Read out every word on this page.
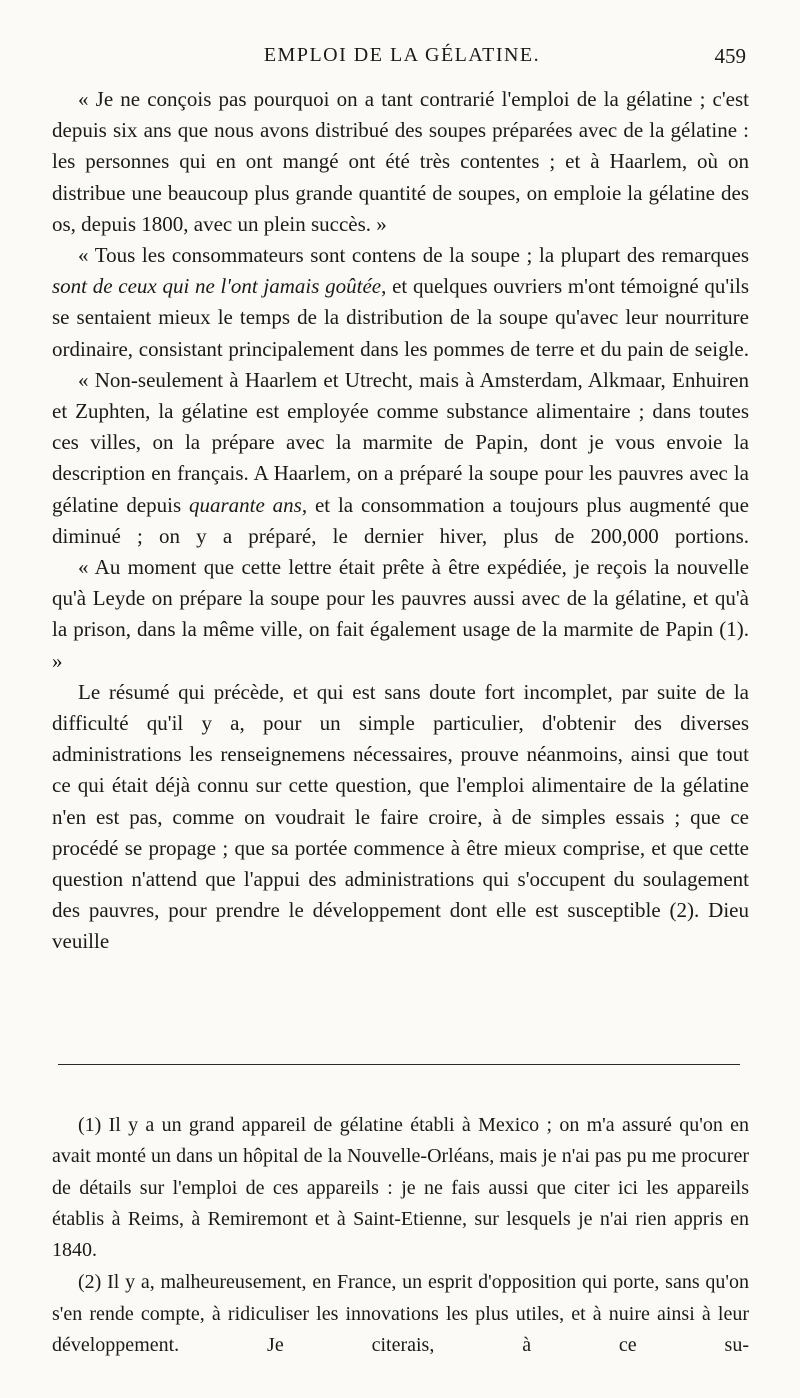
EMPLOI DE LA GÉLATINE.	459

« Je ne conçois pas pourquoi on a tant contrarié l'emploi de la gélatine ; c'est depuis six ans que nous avons distribué des soupes préparées avec de la gélatine : les personnes qui en ont mangé ont été très contentes ; et à Haarlem, où on distribue une beaucoup plus grande quantité de soupes, on emploie la gélatine des os, depuis 1800, avec un plein succès. »

« Tous les consommateurs sont contens de la soupe ; la plupart des remarques sont de ceux qui ne l'ont jamais goûtée, et quelques ouvriers m'ont témoigné qu'ils se sentaient mieux le temps de la distribution de la soupe qu'avec leur nourriture ordinaire, consistant principalement dans les pommes de terre et du pain de seigle.

« Non-seulement à Haarlem et Utrecht, mais à Amsterdam, Alkmaar, Enhuiren et Zuphten, la gélatine est employée comme substance alimentaire ; dans toutes ces villes, on la prépare avec la marmite de Papin, dont je vous envoie la description en français. A Haarlem, on a préparé la soupe pour les pauvres avec la gélatine depuis quarante ans, et la consommation a toujours plus augmenté que diminué ; on y a préparé, le dernier hiver, plus de 200,000 portions.

« Au moment que cette lettre était prête à être expédiée, je reçois la nouvelle qu'à Leyde on prépare la soupe pour les pauvres aussi avec de la gélatine, et qu'à la prison, dans la même ville, on fait également usage de la marmite de Papin (1). »

Le résumé qui précède, et qui est sans doute fort incomplet, par suite de la difficulté qu'il y a, pour un simple particulier, d'obtenir des diverses administrations les renseignemens nécessaires, prouve néanmoins, ainsi que tout ce qui était déjà connu sur cette question, que l'emploi alimentaire de la gélatine n'en est pas, comme on voudrait le faire croire, à de simples essais ; que ce procédé se propage ; que sa portée commence à être mieux comprise, et que cette question n'attend que l'appui des administrations qui s'occupent du soulagement des pauvres, pour prendre le développement dont elle est susceptible (2). Dieu veuille

(1) Il y a un grand appareil de gélatine établi à Mexico ; on m'a assuré qu'on en avait monté un dans un hôpital de la Nouvelle-Orléans, mais je n'ai pas pu me procurer de détails sur l'emploi de ces appareils : je ne fais aussi que citer ici les appareils établis à Reims, à Remiremont et à Saint-Etienne, sur lesquels je n'ai rien appris en 1840.

(2) Il y a, malheureusement, en France, un esprit d'opposition qui porte, sans qu'on s'en rende compte, à ridiculiser les innovations les plus utiles, et à nuire ainsi à leur développement. Je citerais, à ce su-
